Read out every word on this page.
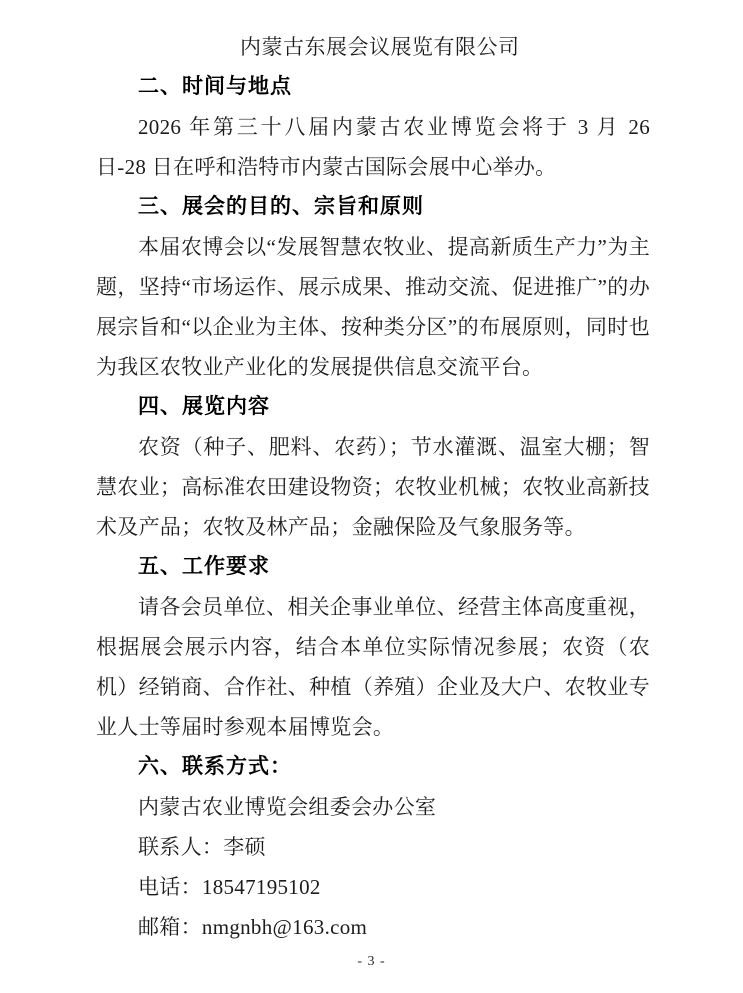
内蒙古东展会议展览有限公司

二、时间与地点

2026 年第三十八届内蒙古农业博览会将于 3 月 26 日-28 日在呼和浩特市内蒙古国际会展中心举办。

三、展会的目的、宗旨和原则

本届农博会以“发展智慧农牧业、提高新质生产力”为主题，坚持“市场运作、展示成果、推动交流、促进推广”的办展宗旨和“以企业为主体、按种类分区”的布展原则，同时也为我区农牧业产业化的发展提供信息交流平台。

四、展览内容

农资（种子、肥料、农药）；节水灌溉、温室大棚；智慧农业；高标准农田建设物资；农牧业机械；农牧业高新技术及产品；农牧及林产品；金融保险及气象服务等。

五、工作要求

请各会员单位、相关企事业单位、经营主体高度重视，根据展会展示内容，结合本单位实际情况参展；农资（农机）经销商、合作社、种植（养殖）企业及大户、农牧业专业人士等届时参观本届博览会。

六、联系方式：

内蒙古农业博览会组委会办公室

联系人：李硕

电话：18547195102

邮箱：nmgnbh@163.com

- 3 -
